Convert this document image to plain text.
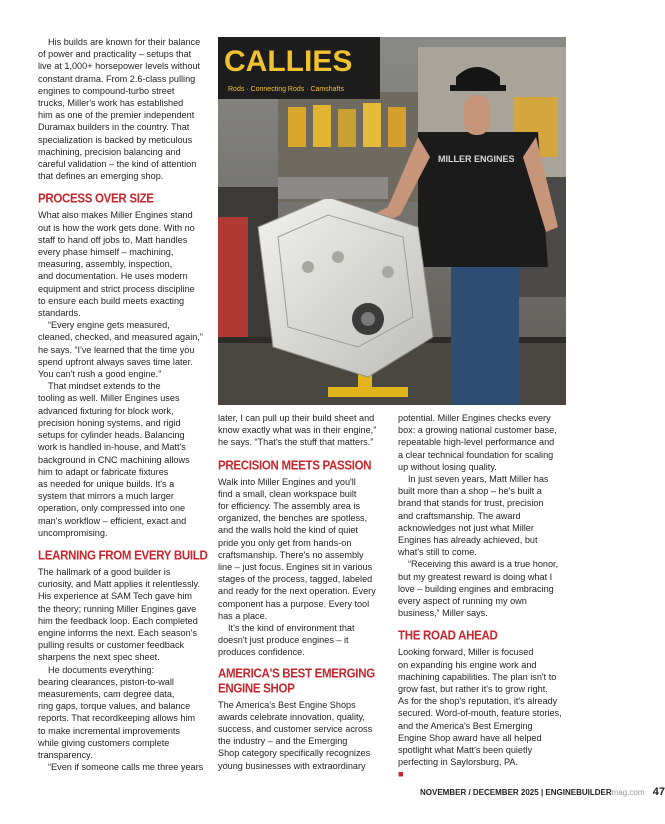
His builds are known for their balance
of power and practicality – setups that
live at 1,000+ horsepower levels without
constant drama. From 2.6-class pulling
engines to compound-turbo street
trucks, Miller's work has established
him as one of the premier independent
Duramax builders in the country. That
specialization is backed by meticulous
machining, precision balancing and
careful validation – the kind of attention
that defines an emerging shop.
PROCESS OVER SIZE
What also makes Miller Engines stand
out is how the work gets done. With no
staff to hand off jobs to, Matt handles
every phase himself – machining,
measuring, assembly, inspection,
and documentation. He uses modern
equipment and strict process discipline
to ensure each build meets exacting
standards.
“Every engine gets measured,
cleaned, checked, and measured again,”
he says. “I've learned that the time you
spend upfront always saves time later.
You can't rush a good engine.”
That mindset extends to the
tooling as well. Miller Engines uses
advanced fixturing for block work,
precision honing systems, and rigid
setups for cylinder heads. Balancing
work is handled in-house, and Matt's
background in CNC machining allows
him to adapt or fabricate fixtures
as needed for unique builds. It's a
system that mirrors a much larger
operation, only compressed into one
man's workflow – efficient, exact and
uncompromising.
LEARNING FROM EVERY BUILD
The hallmark of a good builder is
curiosity, and Matt applies it relentlessly.
His experience at SAM Tech gave him
the theory; running Miller Engines gave
him the feedback loop. Each completed
engine informs the next. Each season's
pulling results or customer feedback
sharpens the next spec sheet.
He documents everything:
bearing clearances, piston-to-wall
measurements, cam degree data,
ring gaps, torque values, and balance
reports. That recordkeeping allows him
to make incremental improvements
while giving customers complete
transparency.
“Even if someone calls me three years
CALLIES
Rods · Connecting Rods · Camshafts
MILLER ENGINES
later, I can pull up their build sheet and
know exactly what was in their engine,”
he says. “That's the stuff that matters.”
PRECISION MEETS PASSION
Walk into Miller Engines and you'll
find a small, clean workspace built
for efficiency. The assembly area is
organized, the benches are spotless,
and the walls hold the kind of quiet
pride you only get from hands-on
craftsmanship. There's no assembly
line – just focus. Engines sit in various
stages of the process, tagged, labeled
and ready for the next operation. Every
component has a purpose. Every tool
has a place.
It's the kind of environment that
doesn't just produce engines – it
produces confidence.
AMERICA'S BEST EMERGING ENGINE SHOP
The America's Best Engine Shops
awards celebrate innovation, quality,
success, and customer service across
the industry – and the Emerging
Shop category specifically recognizes
young businesses with extraordinary
potential. Miller Engines checks every
box: a growing national customer base,
repeatable high-level performance and
a clear technical foundation for scaling
up without losing quality.
In just seven years, Matt Miller has
built more than a shop – he's built a
brand that stands for trust, precision
and craftsmanship. The award
acknowledges not just what Miller
Engines has already achieved, but
what's still to come.
“Receiving this award is a true honor,
but my greatest reward is doing what I
love – building engines and embracing
every aspect of running my own
business,” Miller says.
THE ROAD AHEAD
Looking forward, Miller is focused
on expanding his engine work and
machining capabilities. The plan isn't to
grow fast, but rather it's to grow right.
As for the shop's reputation, it's already
secured. Word-of-mouth, feature stories,
and the America's Best Emerging
Engine Shop award have all helped
spotlight what Matt's been quietly
perfecting in Saylorsburg, PA.
■
NOVEMBER / DECEMBER 2025 | ENGINEBUILDERmag.com 47
